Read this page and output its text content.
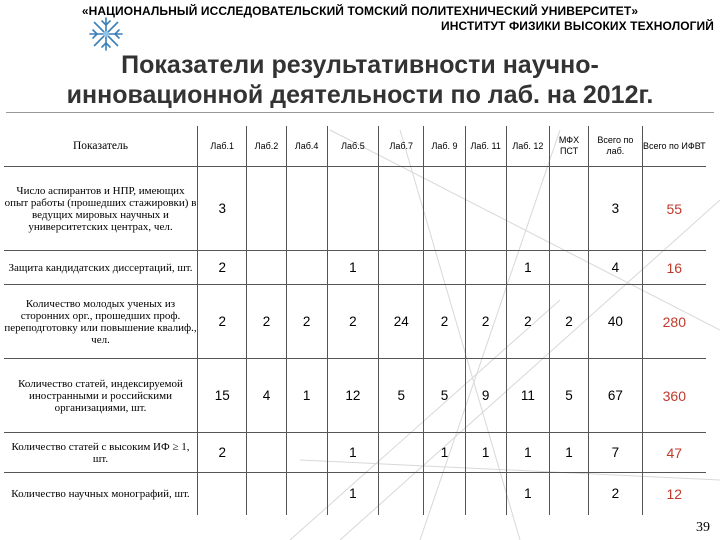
«НАЦИОНАЛЬНЫЙ ИССЛЕДОВАТЕЛЬСКИЙ ТОМСКИЙ ПОЛИТЕХНИЧЕСКИЙ УНИВЕРСИТЕТ»
ИНСТИТУТ ФИЗИКИ ВЫСОКИХ ТЕХНОЛОГИЙ
Показатели результативности научно-
инновационной деятельности по лаб. на 2012г.
Показатель	Лаб.1	Лаб.2	Лаб.4	Лаб.5	Лаб.7	Лаб. 9	Лаб. 11	Лаб. 12	МФХ ПСТ	Всего по лаб.	Всего по ИФВТ
Число аспирантов и НПР, имеющих опыт работы (прошедших стажировки) в ведущих мировых научных и университетских центрах, чел.	3									3	55
Защита кандидатских диссертаций, шт.	2			1				1		4	16
Количество молодых ученых из сторонних орг., прошедших проф. переподготовку или повышение квалиф., чел.	2	2	2	2	24	2	2	2	2	40	280
Количество статей, индексируемой иностранными и российскими организациями, шт.	15	4	1	12	5	5	9	11	5	67	360
Количество статей с высоким ИФ ≥ 1, шт.	2			1		1	1	1	1	7	47
Количество научных монографий, шт.				1				1		2	12
39
